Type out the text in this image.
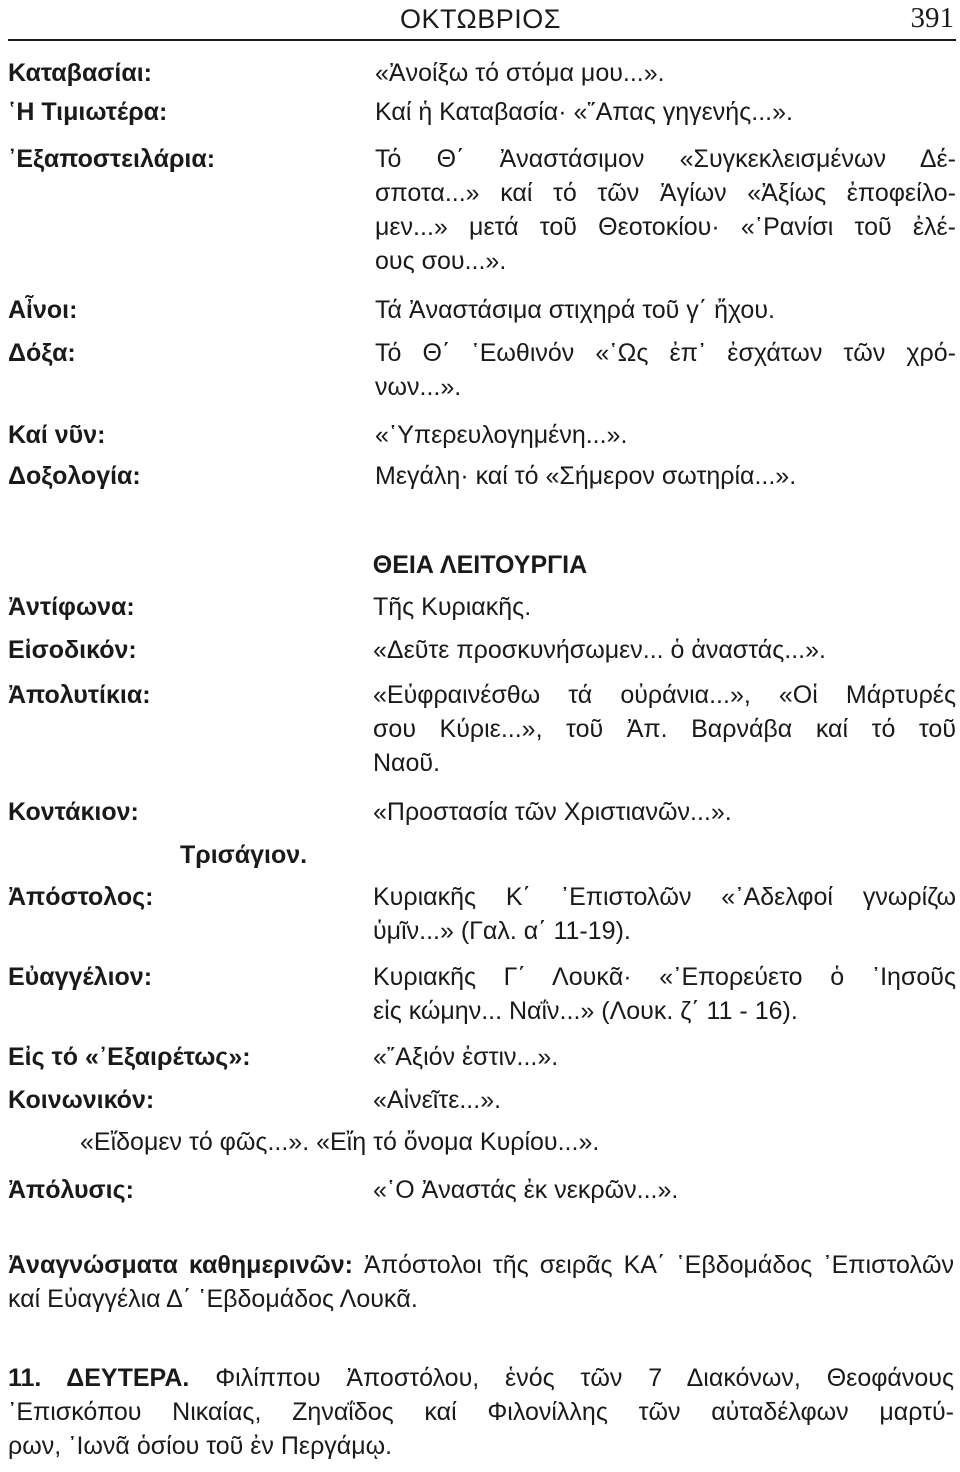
ΟΚΤΩΒΡΙΟΣ	391
Καταβασίαι:	«Ἀνοίξω τό στόμα μου...».
῾Η Τιμιωτέρα:	Καί ἡ Καταβασία· «῞Απας γηγενής...».
᾿Εξαποστειλάρια:	Τό Θ΄ Ἀναστάσιμον «Συγκεκλεισμένων Δέ-
σποτα...» καί τό τῶν Ἁγίων «Ἀξίως ἐποφείλο-
μεν...» μετά τοῦ Θεοτοκίου· «῾Ρανίσι τοῦ ἐλέ-
ους σου...».
Αἶνοι:	Τά Ἀναστάσιμα στιχηρά τοῦ γ΄ ἤχου.
Δόξα:	Τό Θ΄ ῾Εωθινόν «῾Ως ἐπ᾿ ἐσχάτων τῶν χρό-
νων...».
Καί νῦν:	«῾Υπερευλογημένη...».
Δοξολογία:	Μεγάλη· καί τό «Σήμερον σωτηρία...».
ΘΕΙΑ ΛΕΙΤΟΥΡΓΙΑ
Ἀντίφωνα:	Τῆς Κυριακῆς.
Εἰσοδικόν:	«Δεῦτε προσκυνήσωμεν... ὁ ἀναστάς...».
Ἀπολυτίκια:	«Εὐφραινέσθω τά οὐράνια...», «Οἱ Μάρτυρές
σου Κύριε...», τοῦ Ἀπ. Βαρνάβα καί τό τοῦ
Ναοῦ.
Κοντάκιον:	«Προστασία τῶν Χριστιανῶν...».
Τρισάγιον.
Ἀπόστολος:	Κυριακῆς Κ΄ ᾿Επιστολῶν «᾿Αδελφοί γνωρίζω
ὑμῖν...» (Γαλ. α΄ 11-19).
Εὐαγγέλιον:	Κυριακῆς Γ΄ Λουκᾶ· «᾿Επορεύετο ὁ ᾿Ιησοῦς
εἰς κώμην... Ναΐν...» (Λουκ. ζ΄ 11 - 16).
Εἰς τό «᾿Εξαιρέτως»:	«῎Αξιόν ἐστιν...».
Κοινωνικόν:	«Αἰνεῖτε...».
«Εἴδομεν τό φῶς...». «Εἴη τό ὄνομα Κυρίου...».
Ἀπόλυσις:	«῾Ο Ἀναστάς ἐκ νεκρῶν...».
Ἀναγνώσματα καθημερινῶν: Ἀπόστολοι τῆς σειρᾶς ΚΑ΄ ῾Εβδομάδος ᾿Επιστολῶν
καί Εὐαγγέλια Δ΄ ῾Εβδομάδος Λουκᾶ.
11. ΔΕΥΤΕΡΑ. Φιλίππου Ἀποστόλου, ἑνός τῶν 7 Διακόνων, Θεοφάνους
᾿Επισκόπου Νικαίας, Ζηναΐδος καί Φιλονίλλης τῶν αὐταδέλφων μαρτύ-
ρων, ᾿Ιωνᾶ ὁσίου τοῦ ἐν Περγάμῳ.
